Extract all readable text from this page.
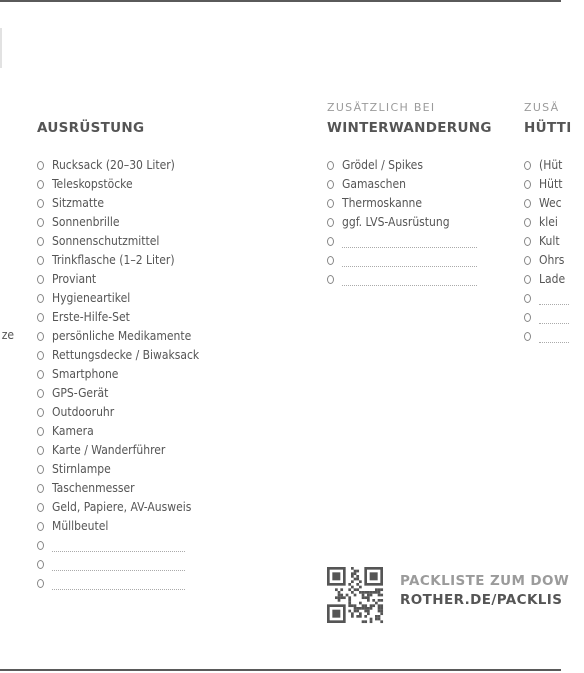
ze
AUSRÜSTUNG
Rucksack (20–30 Liter)
Teleskopstöcke
Sitzmatte
Sonnenbrille
Sonnenschutzmittel
Trinkflasche (1–2 Liter)
Proviant
Hygieneartikel
Erste-Hilfe-Set
persönliche Medikamente
Rettungsdecke / Biwaksack
Smartphone
GPS-Gerät
Outdooruhr
Kamera
Karte / Wanderführer
Stirnlampe
Taschenmesser
Geld, Papiere, AV-Ausweis
Müllbeutel
ZUSÄTZLICH BEI
WINTERWANDERUNG
Grödel / Spikes
Gamaschen
Thermoskanne
ggf. LVS-Ausrüstung
ZUSÄ
HÜTTI
(Hüt
Hütt
Wec
klei
Kult
Ohrs
Lade
PACKLISTE ZUM DOW
ROTHER.DE/PACKLIS
